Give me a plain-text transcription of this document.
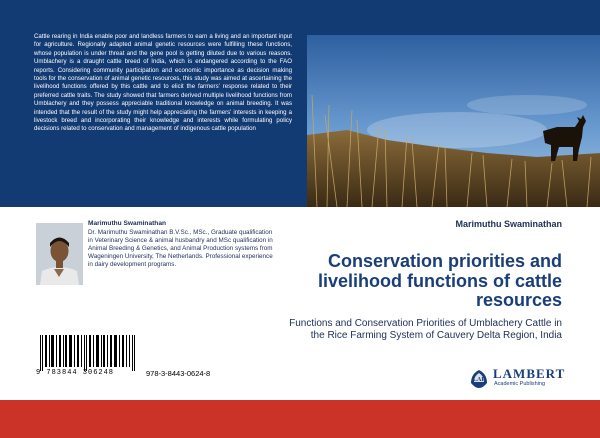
Cattle rearing in India enable poor and landless farmers to earn a living and an important input for agriculture. Regionally adapted animal genetic resources were fulfilling these functions, whose population is under threat and the gene pool is getting diluted due to various reasons. Umblachery is a draught cattle breed of India, which is endangered according to the FAO reports. Considering community participation and economic importance as decision making tools for the conservation of animal genetic resources, this study was aimed at ascertaining the livelihood functions offered by this cattle and to elicit the farmers' response related to their preferred cattle traits. The study showed that farmers derived multiple livelihood functions from Umblachery and they possess appreciable traditional knowledge on animal breeding. It was intended that the result of the study might help appreciating the farmers' interests in keeping a livestock breed and incorporating their knowledge and interests while formulating policy decisions related to conservation and management of indigenous cattle population

Marimuthu Swaminathan
Conservation priorities and livelihood functions of cattle resources

Functions and Conservation Priorities of Umblachery Cattle in the Rice Farming System of Cauvery Delta Region, India

Marimuthu Swaminathan

Dr. Marimuthu Swaminathan B.V.Sc., MSc., Graduate qualification in Veterinary Science & animal husbandry and MSc qualification in Animal Breeding & Genetics, and Animal Production systems from Wageningen University, The Netherlands. Professional experience in dairy development programs.

9 783844 306248	978-3-8443-0624-8
LAP LAMBERT
Academic Publishing
